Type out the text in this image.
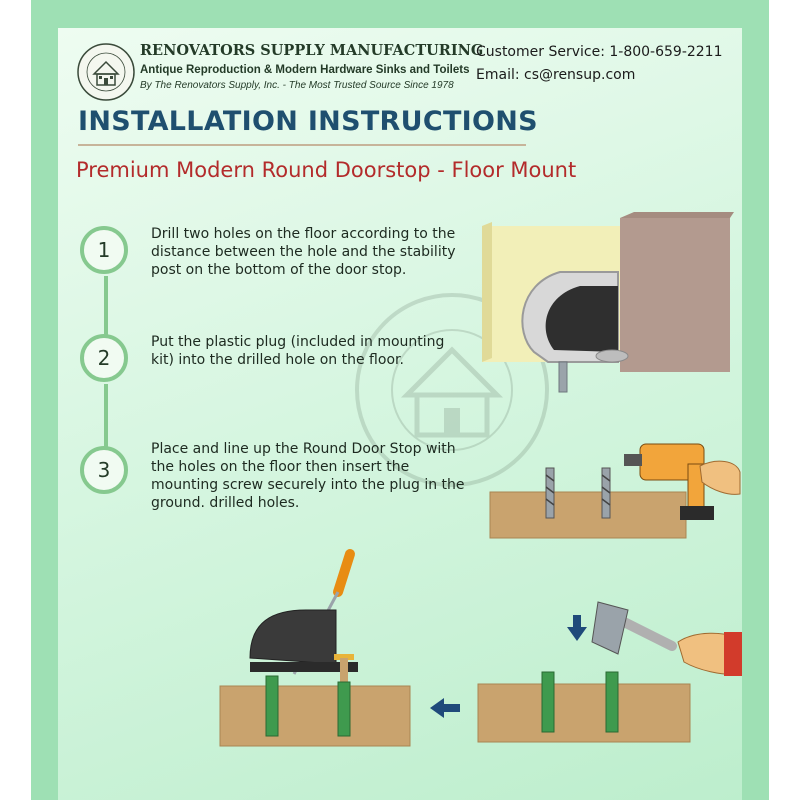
RENOVATORS SUPPLY MANUFACTURING
Antique Reproduction & Modern Hardware Sinks and Toilets
By The Renovators Supply, Inc. - The Most Trusted Source Since 1978
Customer Service: 1-800-659-2211
Email: cs@rensup.com
INSTALLATION INSTRUCTIONS
Premium Modern Round Doorstop - Floor Mount
1
Drill two holes on the floor according to the distance between the hole and the stability post on the bottom of the door stop.
2
Put the plastic plug (included in mounting kit) into the drilled hole on the floor.
3
Place and line up the Round Door Stop with the holes on the floor then insert the mounting screw securely into the plug in the ground. drilled holes.
